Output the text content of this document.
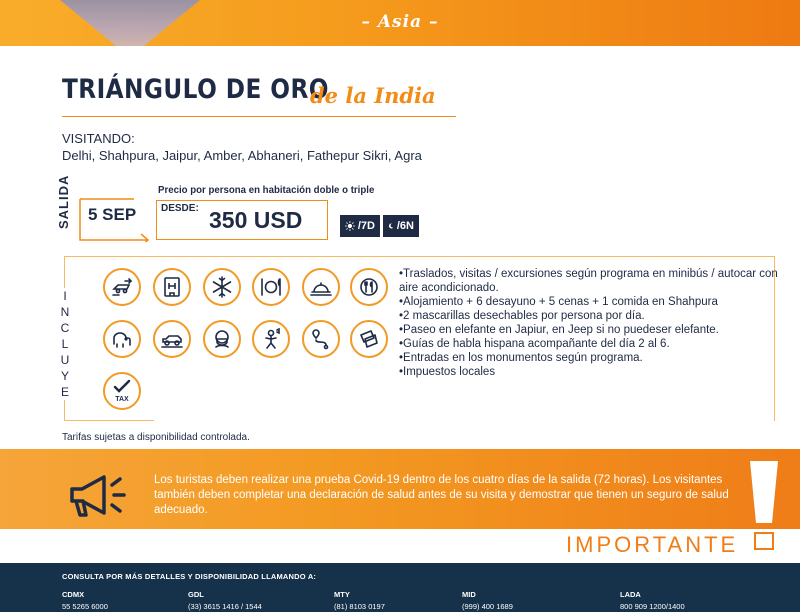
– Asia –
TRIÁNGULO DE ORO
de la India
VISITANDO:
Delhi, Shahpura, Jaipur, Amber, Abhaneri, Fathepur Sikri, Agra
SALIDA 5 SEP
Precio por persona en habitación doble o triple
DESDE: 350 USD	/7D /6N
I
N
C
L
U
Y
E
TAX
•Traslados, visitas / excursiones según programa en minibús / autocar con aire acondicionado.
•Alojamiento + 6 desayuno + 5 cenas + 1 comida en Shahpura
•2 mascarillas desechables por persona por día.
•Paseo en elefante en Japiur, en Jeep si no puedeser elefante.
•Guías de habla hispana acompañante del día 2 al 6.
•Entradas en los monumentos según programa.
•Impuestos locales
Tarifas sujetas a disponibilidad controlada.
Los turistas deben realizar una prueba Covid-19 dentro de los cuatro días de la salida (72 horas). Los visitantes también deben completar una declaración de salud antes de su visita y demostrar que tienen un seguro de salud adecuado.
IMPORTANTE
CONSULTA POR MÁS DETALLES Y DISPONIBILIDAD LLAMANDO A:
CDMX
55 5265 6000
GDL
(33) 3615 1416 / 1544
MTY
(81) 8103 0197
MID
(999) 400 1689
LADA
800 909 1200/1400
